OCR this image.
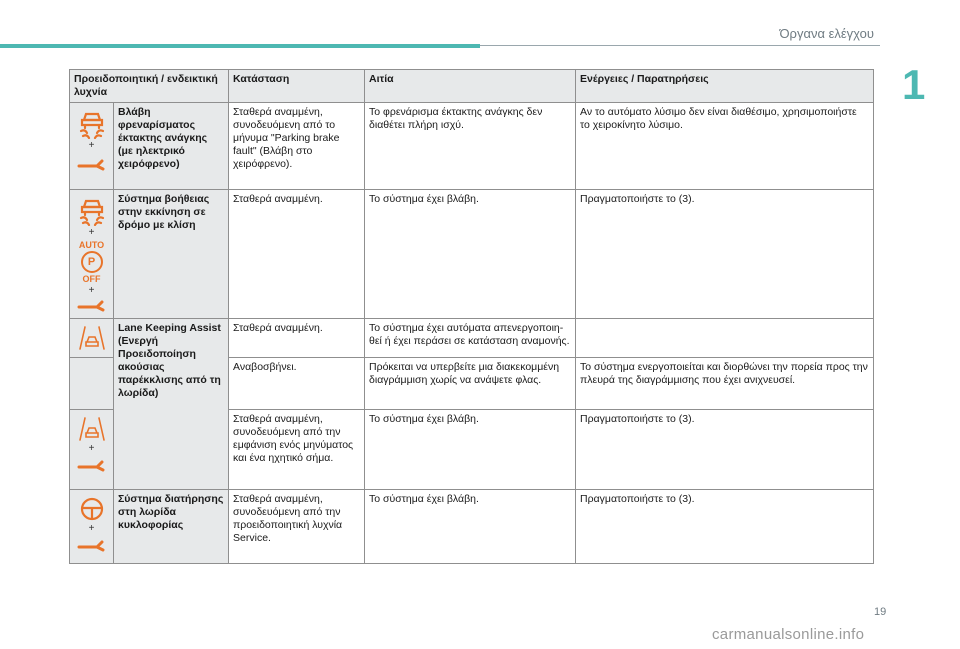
Όργανα ελέγχου
1
Προειδοποιητική / ενδεικτική λυχνία		Κατάσταση	Αιτία	Ενέργειες / Παρατηρήσεις

+	Βλάβη φρεναρίσματος έκτακτης ανάγκης (με ηλεκτρικό χειρόφρενο)	Σταθερά αναμμένη, συνοδευόμενη από το μήνυμα "Parking brake fault" (Βλάβη στο χειρόφρενο).	Το φρενάρισμα έκτακτης ανάγκης δεν διαθέτει πλήρη ισχύ.	Αν το αυτόματο λύσιμο δεν είναι διαθέσιμο, χρησιμοποιήστε το χειροκίνητο λύσιμο.

+
AUTO
P
OFF
+	Σύστημα βοήθειας στην εκκίνηση σε δρόμο με κλίση	Σταθερά αναμμένη.	Το σύστημα έχει βλάβη.	Πραγματοποιήστε το (3).

	Lane Keeping Assist (Ενεργή Προειδοποίηση ακούσιας παρέκκλισης από τη λωρίδα)	Σταθερά αναμμένη.	Το σύστημα έχει αυτόματα απενεργοποιη- θεί ή έχει περάσει σε κατάσταση αναμονής.	
		Αναβοσβήνει.	Πρόκειται να υπερβείτε μια διακεκομμένη διαγράμμιση χωρίς να ανάψετε φλας.	Το σύστημα ενεργοποιείται και διορθώνει την πορεία προς την πλευρά της διαγράμμισης που έχει ανιχνευσεί.

+		Σταθερά αναμμένη, συνοδευόμενη από την εμφάνιση ενός μηνύματος και ένα ηχητικό σήμα.	Το σύστημα έχει βλάβη.	Πραγματοποιήστε το (3).

+	Σύστημα διατήρησης στη λωρίδα κυκλοφορίας	Σταθερά αναμμένη, συνοδευόμενη από την προειδοποιητική λυχνία Service.	Το σύστημα έχει βλάβη.	Πραγματοποιήστε το (3).
19
carmanualsonline.info
